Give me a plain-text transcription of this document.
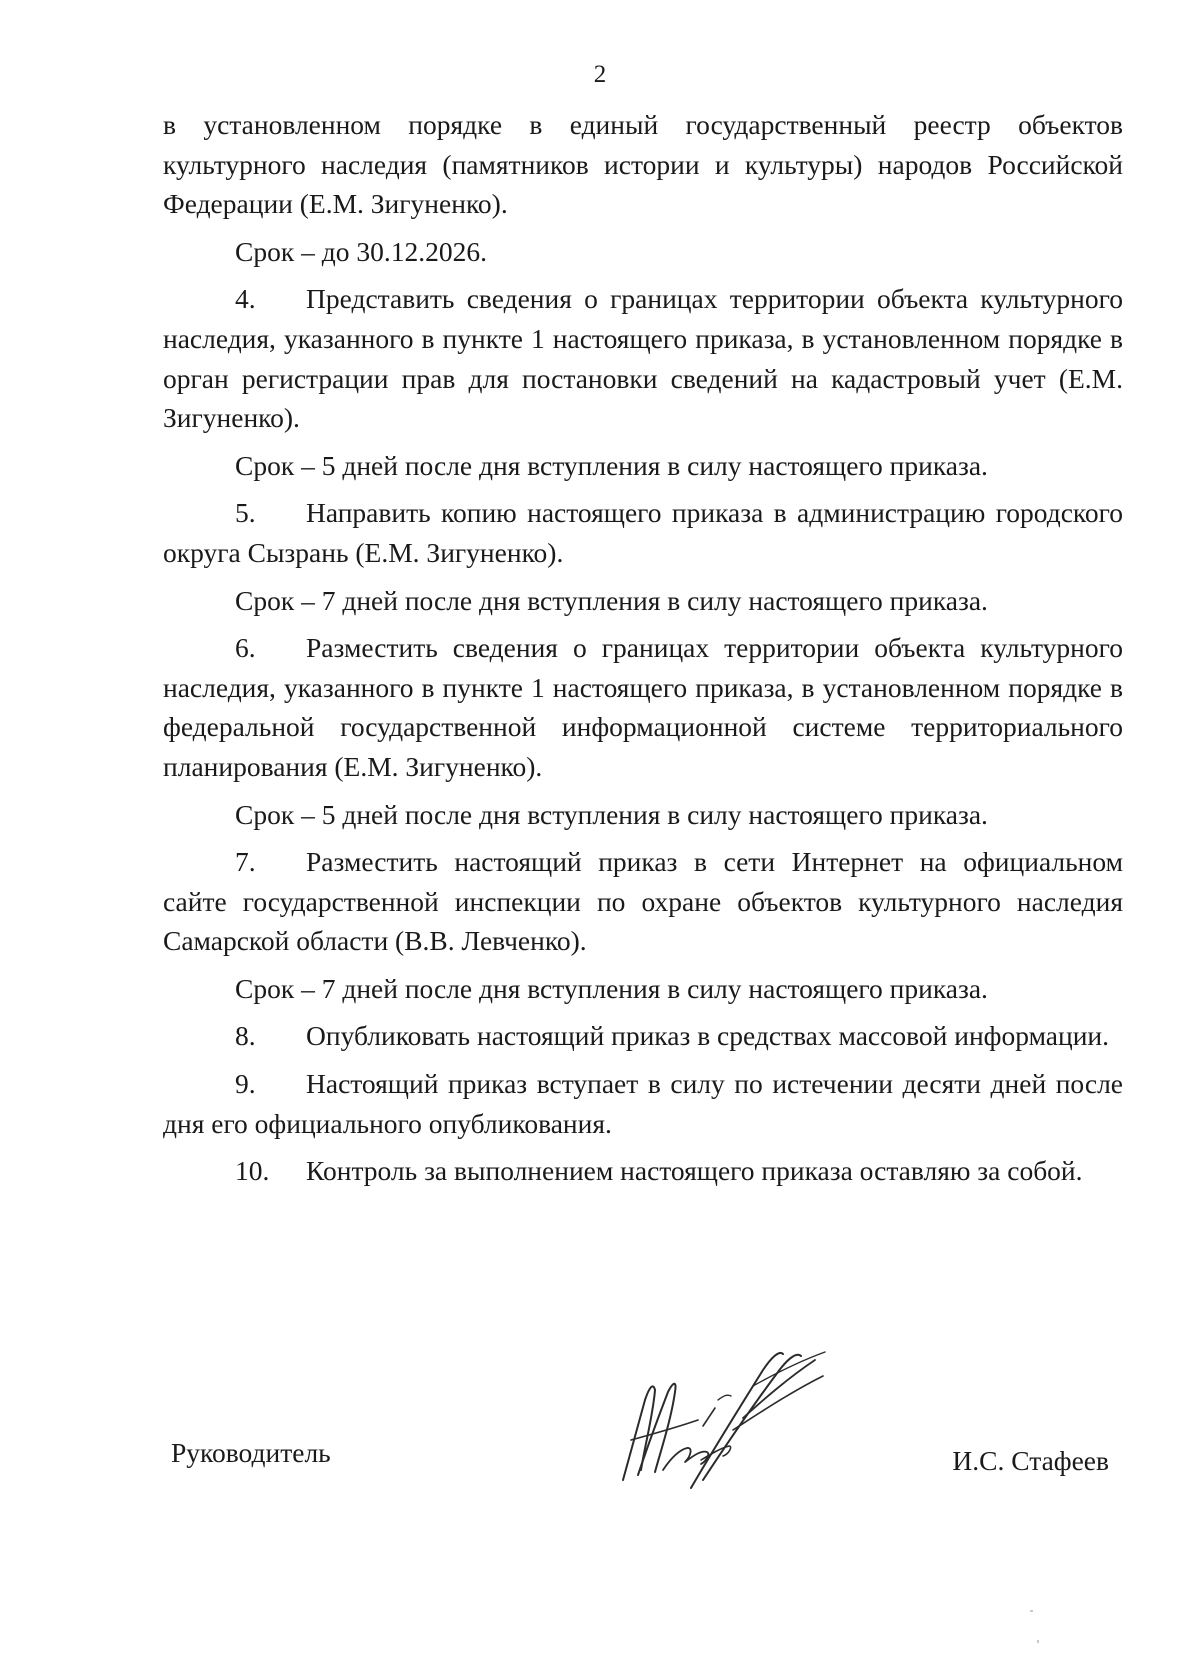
2

в установленном порядке в единый государственный реестр объектов культурного наследия (памятников истории и культуры) народов Российской Федерации (Е.М. Зигуненко).

Срок – до 30.12.2026.

4. Представить сведения о границах территории объекта культурного наследия, указанного в пункте 1 настоящего приказа, в установленном порядке в орган регистрации прав для постановки сведений на кадастровый учет (Е.М. Зигуненко).

Срок – 5 дней после дня вступления в силу настоящего приказа.

5. Направить копию настоящего приказа в администрацию городского округа Сызрань (Е.М. Зигуненко).

Срок – 7 дней после дня вступления в силу настоящего приказа.

6. Разместить сведения о границах территории объекта культурного наследия, указанного в пункте 1 настоящего приказа, в установленном порядке в федеральной государственной информационной системе территориального планирования (Е.М. Зигуненко).

Срок – 5 дней после дня вступления в силу настоящего приказа.

7. Разместить настоящий приказ в сети Интернет на официальном сайте государственной инспекции по охране объектов культурного наследия Самарской области (В.В. Левченко).

Срок – 7 дней после дня вступления в силу настоящего приказа.

8. Опубликовать настоящий приказ в средствах массовой информации.

9. Настоящий приказ вступает в силу по истечении десяти дней после дня его официального опубликования.

10. Контроль за выполнением настоящего приказа оставляю за собой.

Руководитель	И.С. Стафеев
